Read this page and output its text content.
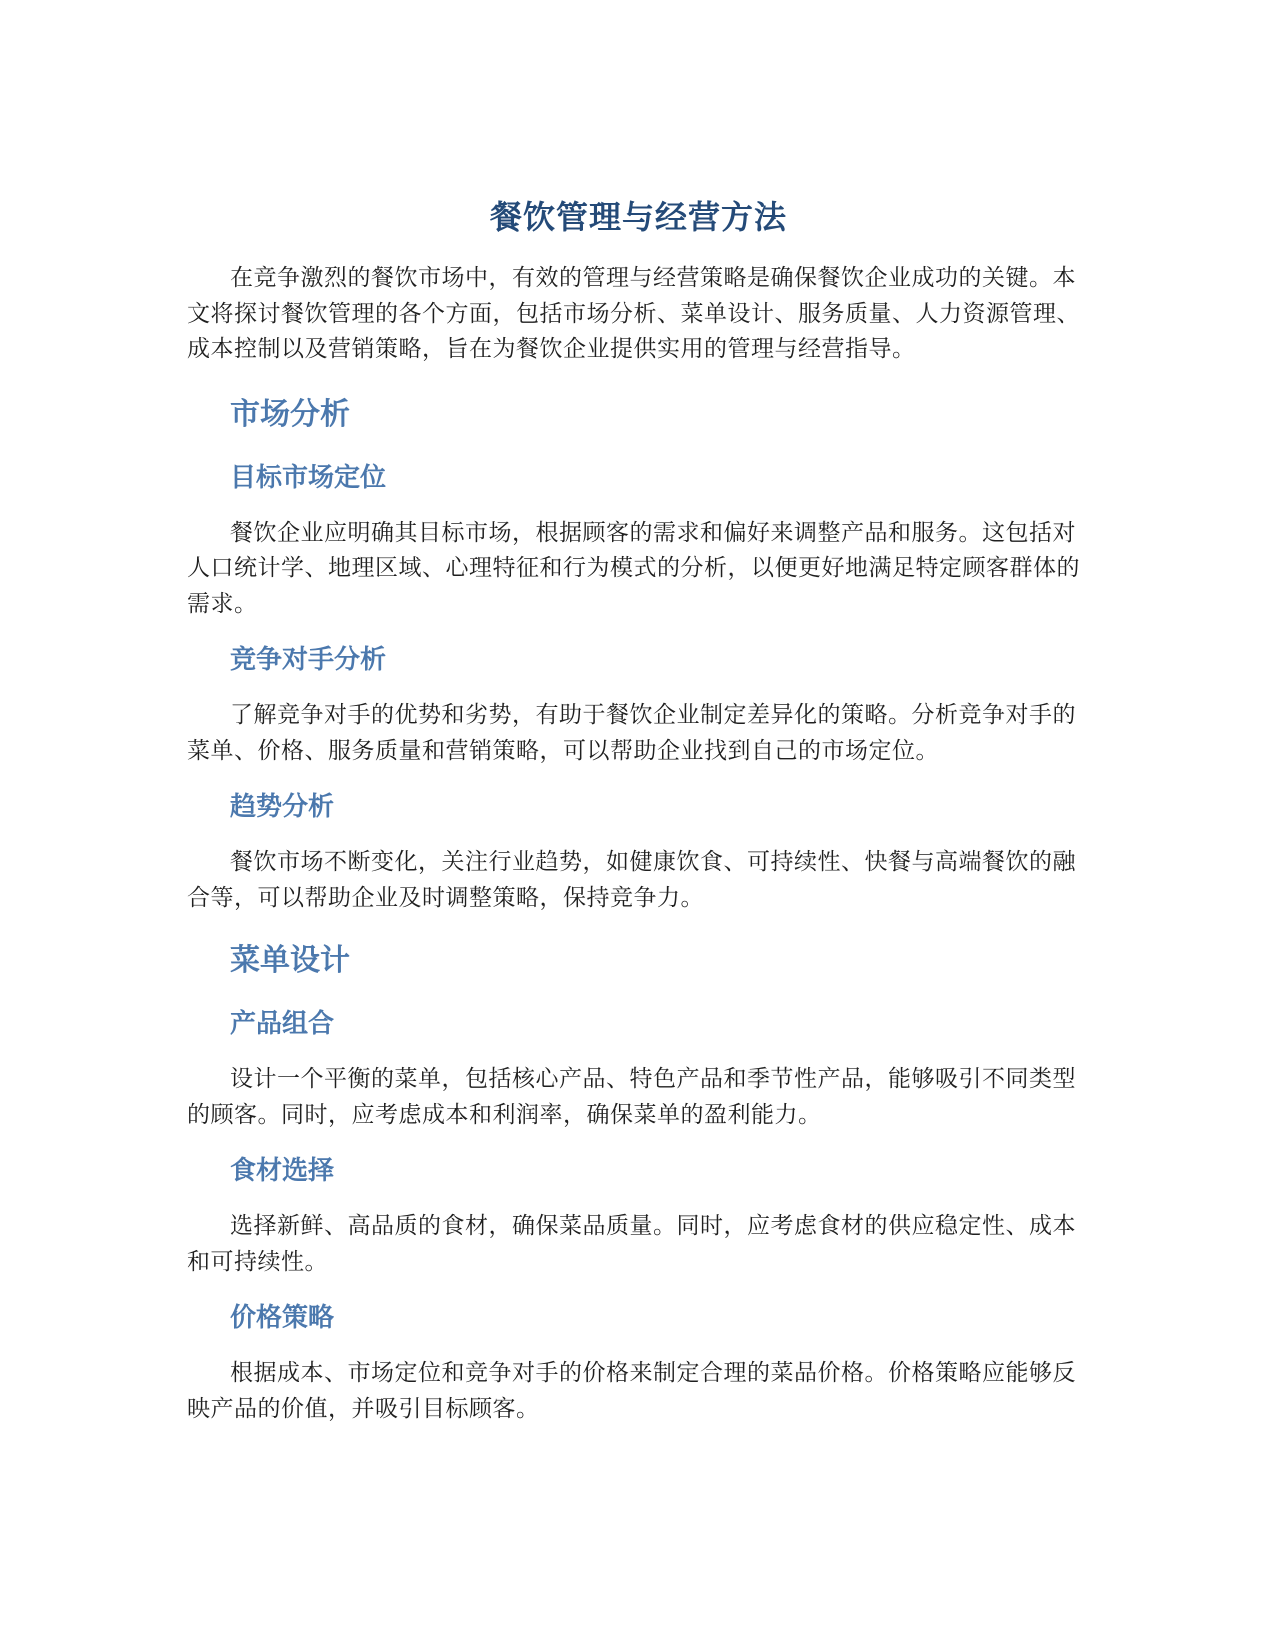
餐饮管理与经营方法

在竞争激烈的餐饮市场中，有效的管理与经营策略是确保餐饮企业成功的关键。本文将探讨餐饮管理的各个方面，包括市场分析、菜单设计、服务质量、人力资源管理、成本控制以及营销策略，旨在为餐饮企业提供实用的管理与经营指导。

市场分析
目标市场定位

餐饮企业应明确其目标市场，根据顾客的需求和偏好来调整产品和服务。这包括对人口统计学、地理区域、心理特征和行为模式的分析，以便更好地满足特定顾客群体的需求。

竞争对手分析

了解竞争对手的优势和劣势，有助于餐饮企业制定差异化的策略。分析竞争对手的菜单、价格、服务质量和营销策略，可以帮助企业找到自己的市场定位。

趋势分析

餐饮市场不断变化，关注行业趋势，如健康饮食、可持续性、快餐与高端餐饮的融合等，可以帮助企业及时调整策略，保持竞争力。

菜单设计
产品组合

设计一个平衡的菜单，包括核心产品、特色产品和季节性产品，能够吸引不同类型的顾客。同时，应考虑成本和利润率，确保菜单的盈利能力。

食材选择

选择新鲜、高品质的食材，确保菜品质量。同时，应考虑食材的供应稳定性、成本和可持续性。

价格策略

根据成本、市场定位和竞争对手的价格来制定合理的菜品价格。价格策略应能够反映产品的价值，并吸引目标顾客。
